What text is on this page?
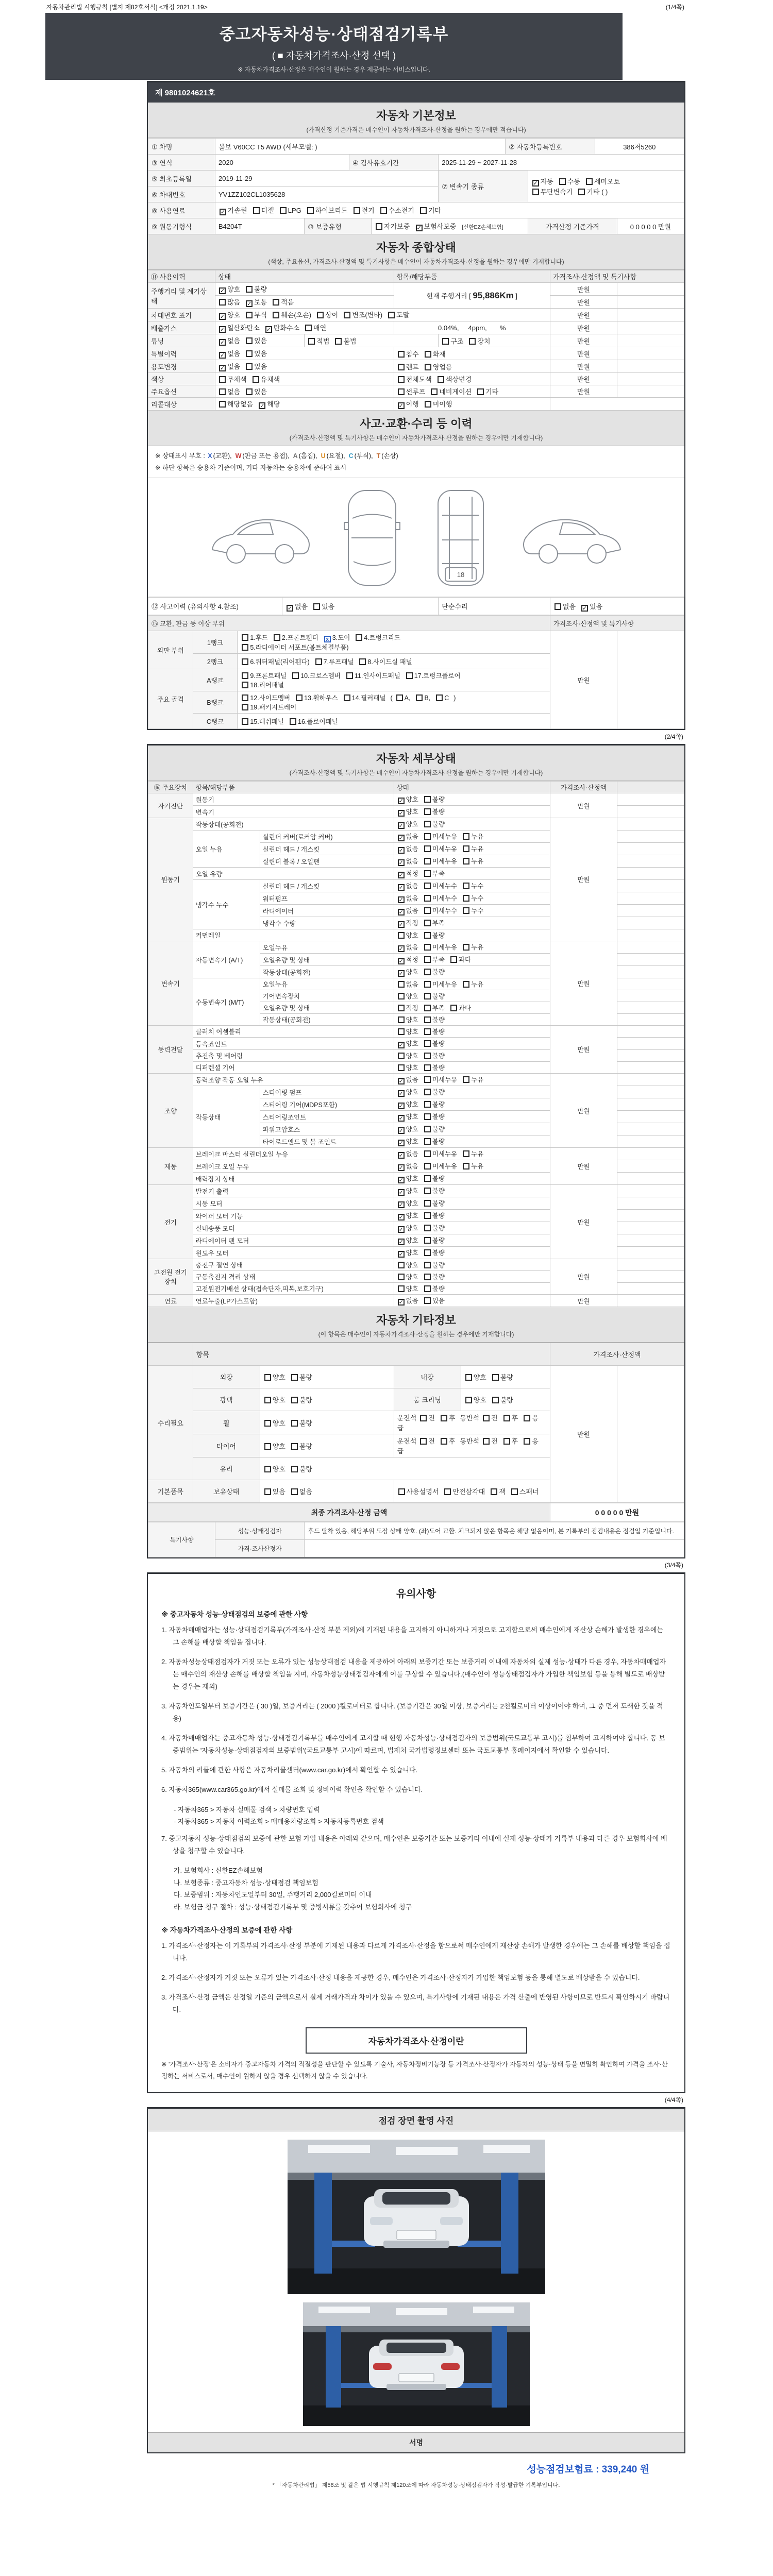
자동차관리법 시행규칙 [별지 제82호서식] <개정 2021.1.19>	(1/4쪽)
중고자동차성능·상태점검기록부
( ■ 자동차가격조사·산정 선택 )
※ 자동차가격조사·산정은 매수인이 원하는 경우 제공하는 서비스입니다.
제 9801024621호
자동차 기본정보
(가격산정 기준가격은 매수인이 자동차가격조사·산정을 원하는 경우에만 적습니다)
① 차명	볼보 V60CC T5 AWD (세부모델: )					② 자동차등록번호		386저5260	
③ 연식	2020		④ 검사유효기간		2025-11-29 ~ 2027-11-28				
⑤ 최초등록일	2019-11-29				⑦ 변속기 종류		✓ 자동 수동 세미오토
무단변속기 기타 ( )		
⑥ 차대번호	YV1ZZ102CL1035628								
⑧ 사용연료	✓ 가솔린 디젤 LPG 하이브리드 전기 수소전기 기타								
⑨ 원동기형식	B4204T	⑩ 보증유형		자가보증 ✓ 보험사보증 [신한EZ손해보험]			가격산정 기준가격		0 0 0 0 0 만원
자동차 종합상태
(색상, 주요옵션, 가격조사·산정액 및 특기사항은 매수인이 자동차가격조사·산정을 원하는 경우에만 기재합니다)
⑪ 사용이력	상태		항목/해당부품		가격조사·산정액 및 특기사항	
주행거리 및 계기상태	✓ 양호 불량		현재 주행거리 [ 95,886Km ]		만원	
	많음 ✓ 보통 적음				만원	
차대번호 표기	✓ 양호 부식 훼손(오손) 상이 변조(변타) 도말				만원	
배출가스	✓ 일산화탄소 ✓ 탄화수소 매연		0.04%,     4ppm,       %		만원	
튜닝	✓ 없음 있음	적법 불법		구조 장치	만원	
특별이력	✓ 없음 있음		침수 화재		만원	
용도변경	✓ 없음 있음		렌트 영업용		만원	
색상	무채색 유채색		전체도색 색상변경		만원	
주요옵션	없음 있음		썬루프 네비게이션 기타		만원	
리콜대상	해당없음 ✓ 해당		✓ 이행 미이행			
사고·교환·수리 등 이력
(가격조사·산정액 및 특기사항은 매수인이 자동차가격조사·산정을 원하는 경우에만 기재합니다)
※ 상태표시 부호 : X (교환), W (판금 또는 용접), A (흠집), U (요철), C (부식), T (손상)
※ 하단 항목은 승용차 기준이며, 기타 자동차는 승용차에 준하여 표시
18
⑫ 사고이력 (유의사항 4.참조)	✓ 없음 있음	단순수리	없음 ✓ 있음
⑮ 교환, 판금 등 이상 부위			가격조사·산정액 및 특기사항	
외판 부위	1랭크	1.후드 2.프론트휀더 x 3.도어 4.트렁크리드
5.라디에이터 서포트(볼트체결부품)	만원	
	2랭크	6.쿼터패널(리어휀다) 7.루프패널 8.사이드실 패널		
주요 골격	A랭크	9.프론트패널 10.크로스멤버 11.인사이드패널 17.트렁크플로어
18.리어패널		
	B랭크	12.사이드멤버 13.휠하우스 14.필러패널 ( A, B, C )
19.패키지트레이		
	C랭크	15.대쉬패널 16.플로어패널		
(2/4쪽)
자동차 세부상태
(가격조사·산정액 및 특기사항은 매수인이 자동차가격조사·산정을 원하는 경우에만 기재합니다)
⑯ 주요장치	항목/해당부품		상태	가격조사·산정액	
자기진단	원동기		✓ 양호 불량	만원	
	변속기		✓ 양호 불량		
원동기	작동상태(공회전)		✓ 양호 불량	만원	
	오일 누유	실린더 커버(로커암 커버)	✓ 없음 미세누유 누유		
		실린더 헤드 / 개스킷	✓ 없음 미세누유 누유		
		실린더 블록 / 오일팬	✓ 없음 미세누유 누유		
	오일 유량		✓ 적정 부족		
	냉각수 누수	실린더 헤드 / 개스킷	✓ 없음 미세누수 누수		
		워터펌프	✓ 없음 미세누수 누수		
		라디에이터	✓ 없음 미세누수 누수		
		냉각수 수량	✓ 적정 부족		
	커먼레일		양호 불량		
변속기	자동변속기 (A/T)	오일누유	✓ 없음 미세누유 누유	만원	
		오일유량 및 상태	✓ 적정 부족 과다		
		작동상태(공회전)	✓ 양호 불량		
	수동변속기 (M/T)	오일누유	없음 미세누유 누유		
		기어변속장치	양호 불량		
		오일유량 및 상태	적정 부족 과다		
		작동상태(공회전)	양호 불량		
동력전달	클러치 어셈블리		양호 불량	만원	
	등속죠인트		✓ 양호 불량		
	추진축 및 베어링		양호 불량		
	디퍼렌셜 기어		양호 불량		
조향	동력조향 작동 오일 누유		✓ 없음 미세누유 누유	만원	
	작동상태	스티어링 펌프	✓ 양호 불량		
		스티어링 기어(MDPS포함)	✓ 양호 불량		
		스티어링조인트	✓ 양호 불량		
		파워고압호스	✓ 양호 불량		
		타이로드엔드 및 볼 조인트	✓ 양호 불량		
제동	브레이크 마스터 실린더오일 누유		✓ 없음 미세누유 누유	만원	
	브레이크 오일 누유		✓ 없음 미세누유 누유		
	배력장치 상태		✓ 양호 불량		
전기	발전기 출력		✓ 양호 불량	만원	
	시동 모터		✓ 양호 불량		
	와이퍼 모터 기능		✓ 양호 불량		
	실내송풍 모터		✓ 양호 불량		
	라디에이터 팬 모터		✓ 양호 불량		
	윈도우 모터		✓ 양호 불량		
고전원 전기장치	충전구 절연 상태		양호 불량	만원	
	구동축전지 격리 상태		양호 불량		
	고전원전기배선 상태(접속단자,피복,보호기구)		양호 불량		
연료	연료누출(LP가스포함)		✓ 없음 있음	만원	
자동차 기타정보
(이 항목은 매수인이 자동차가격조사·산정을 원하는 경우에만 기재합니다)
	항목				가격조사·산정액	
수리필요	외장	양호 불량	내장	양호 불량	만원	
	광택	양호 불량	룸 크리닝	양호 불량		
	휠	양호 불량	운전석 전 후 동반석 전 후 응급			
	타이어	양호 불량	운전석 전 후 동반석 전 후 응급			
	유리	양호 불량				
기본품목	보유상태	있음 없음	사용설명서 안전삼각대 잭 스패너			
최종 가격조사·산정 금액	0 0 0 0 0 만원
특기사항	성능·상태점검자	후드 탈착 있음, 해당부위 도장 상태 양호. (좌)도어 교환. 체크되지 않은 항목은 해당 없음이며, 본 기록부의 점검내용은 점검일 기준입니다.
	가격·조사산정자	
(3/4쪽)
유의사항
※ 중고자동차 성능·상태점검의 보증에 관한 사항
1. 자동차매매업자는 성능·상태점검기록부(가격조사·산정 부분 제외)에 기재된 내용을 고지하지 아니하거나 거짓으로 고지함으로써 매수인에게 재산상 손해가 발생한 경우에는 그 손해를 배상할 책임을 집니다.
2. 자동차성능상태점검자가 거짓 또는 오류가 있는 성능상태점검 내용을 제공하여 아래의 보증기간 또는 보증거리 이내에 자동차의 실제 성능·상태가 다른 경우, 자동차매매업자는 매수인의 재산상 손해를 배상할 책임을 지며, 자동차성능상태점검자에게 이를 구상할 수 있습니다.(매수인이 성능상태점검자가 가입한 책임보험 등을 통해 별도로 배상받는 경우는 제외)
3. 자동차인도일부터 보증기간은 ( 30 )일, 보증거리는 ( 2000 )킬로미터로 합니다. (보증기간은 30일 이상, 보증거리는 2천킬로미터 이상이어야 하며, 그 중 먼저 도래한 것을 적용)
4. 자동차매매업자는 중고자동차 성능·상태점검기록부를 매수인에게 고지할 때 현행 자동차성능·상태점검자의 보증범위(국토교통부 고시)를 첨부하여 고지하여야 합니다. 동 보증범위는 '자동차성능·상태점검자의 보증범위'(국토교통부 고시)에 따르며, 법제처 국가법령정보센터 또는 국토교통부 홈페이지에서 확인할 수 있습니다.
5. 자동차의 리콜에 관한 사항은 자동차리콜센터(www.car.go.kr)에서 확인할 수 있습니다.
6. 자동차365(www.car365.go.kr)에서 실매물 조회 및 정비이력 확인을 확인할 수 있습니다.
- 자동차365 > 자동차 실매물 검색 > 차량번호 입력
- 자동차365 > 자동차 이력조회 > 매매용차량조회 > 자동차등록번호 검색
7. 중고자동차 성능·상태점검의 보증에 관한 보험 가입 내용은 아래와 같으며, 매수인은 보증기간 또는 보증거리 이내에 실제 성능·상태가 기록부 내용과 다른 경우 보험회사에 배상을 청구할 수 있습니다.
가. 보험회사 : 신한EZ손해보험
나. 보험종류 : 중고자동차 성능·상태점검 책임보험
다. 보증범위 : 자동차인도일부터 30일, 주행거리 2,000킬로미터 이내
라. 보험금 청구 절차 : 성능·상태점검기록부 및 증빙서류를 갖추어 보험회사에 청구
※ 자동차가격조사·산정의 보증에 관한 사항
1. 가격조사·산정자는 이 기록부의 가격조사·산정 부분에 기재된 내용과 다르게 가격조사·산정을 함으로써 매수인에게 재산상 손해가 발생한 경우에는 그 손해를 배상할 책임을 집니다.
2. 가격조사·산정자가 거짓 또는 오류가 있는 가격조사·산정 내용을 제공한 경우, 매수인은 가격조사·산정자가 가입한 책임보험 등을 통해 별도로 배상받을 수 있습니다.
3. 가격조사·산정 금액은 산정일 기준의 금액으로서 실제 거래가격과 차이가 있을 수 있으며, 특기사항에 기재된 내용은 가격 산출에 반영된 사항이므로 반드시 확인하시기 바랍니다.
자동차가격조사·산정이란
※ '가격조사·산정'은 소비자가 중고자동차 가격의 적절성을 판단할 수 있도록 기술사, 자동차정비기능장 등 가격조사·산정자가 자동차의 성능·상태 등을 면밀히 확인하여 가격을 조사·산정하는 서비스로서, 매수인이 원하지 않을 경우 선택하지 않을 수 있습니다.
(4/4쪽)
점검 장면 촬영 사진
서명
성능점검보험료 : 339,240 원
* 「자동차관리법」 제58조 및 같은 법 시행규칙 제120조에 따라 자동차성능·상태점검자가 작성·발급한 기록부입니다.
